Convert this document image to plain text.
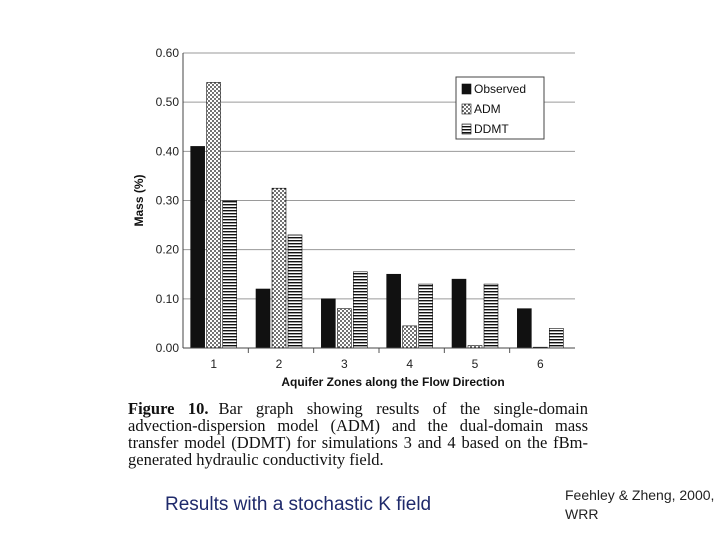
0.00
0.10
0.20
0.30
0.40
0.50
0.60
1	2	3	4	5	6
Mass (%)
Aquifer Zones along the Flow Direction
Observed
ADM
DDMT
Figure 10. Bar graph showing results of the single-domain advection-dispersion model (ADM) and the dual-domain mass transfer model (DDMT) for simulations 3 and 4 based on the fBm-generated hydraulic conductivity field.
Results with a stochastic K field	Feehley & Zheng, 2000, WRR
